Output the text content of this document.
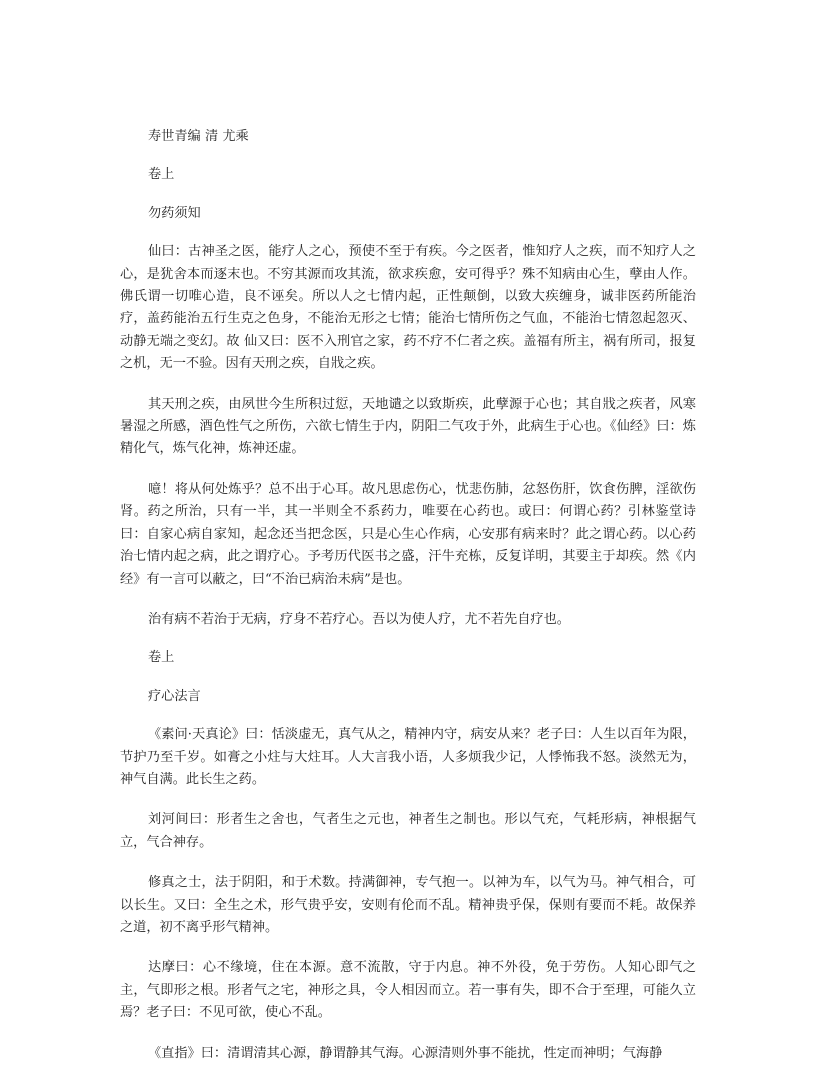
寿世青编 清 尤乘

卷上

勿药须知

仙曰：古神圣之医，能疗人之心，预使不至于有疾。今之医者，惟知疗人之疾，而不知疗人之心，是犹舍本而逐末也。不穷其源而攻其流，欲求疾愈，安可得乎？殊不知病由心生，孽由人作。佛氏谓一切唯心造，良不诬矣。所以人之七情内起，正性颠倒，以致大疾缠身，诚非医药所能治疗，盖药能治五行生克之色身，不能治无形之七情；能治七情所伤之气血，不能治七情忽起忽灭、动静无端之变幻。故 仙又曰：医不入刑官之家，药不疗不仁者之疾。盖福有所主，祸有所司，报复之机，无一不验。因有天刑之疾，自戕之疾。

其天刑之疾，由夙世今生所积过愆，天地谴之以致斯疾，此孽源于心也；其自戕之疾者，风寒暑湿之所感，酒色性气之所伤，六欲七情生于内，阴阳二气攻于外，此病生于心也。《仙经》曰：炼精化气，炼气化神，炼神还虚。

噫！将从何处炼乎？总不出于心耳。故凡思虑伤心，忧悲伤肺，忿怒伤肝，饮食伤脾，淫欲伤肾。药之所治，只有一半，其一半则全不系药力，唯要在心药也。或曰：何谓心药？引林鉴堂诗曰：自家心病自家知，起念还当把念医，只是心生心作病，心安那有病来时？此之谓心药。以心药治七情内起之病，此之谓疗心。予考历代医书之盛，汗牛充栋，反复详明，其要主于却疾。然《内经》有一言可以蔽之，曰“不治已病治未病”是也。

治有病不若治于无病，疗身不若疗心。吾以为使人疗，尤不若先自疗也。

卷上

疗心法言

《素问·天真论》曰：恬淡虚无，真气从之，精神内守，病安从来？老子曰：人生以百年为限，节护乃至千岁。如膏之小炷与大炷耳。人大言我小语，人多烦我少记，人悸怖我不怒。淡然无为，神气自满。此长生之药。

刘河间曰：形者生之舍也，气者生之元也，神者生之制也。形以气充，气耗形病，神根据气立，气合神存。

修真之士，法于阴阳，和于术数。持满御神，专气抱一。以神为车，以气为马。神气相合，可以长生。又曰：全生之术，形气贵乎安，安则有伦而不乱。精神贵乎保，保则有要而不耗。故保养之道，初不离乎形气精神。

达摩曰：心不缘境，住在本源。意不流散，守于内息。神不外役，免于劳伤。人知心即气之主，气即形之根。形者气之宅，神形之具，令人相因而立。若一事有失，即不合于至理，可能久立焉？老子曰：不见可欲，使心不乱。

《直指》曰：清谓清其心源，静谓静其气海。心源清则外事不能扰，性定而神明；气海静
